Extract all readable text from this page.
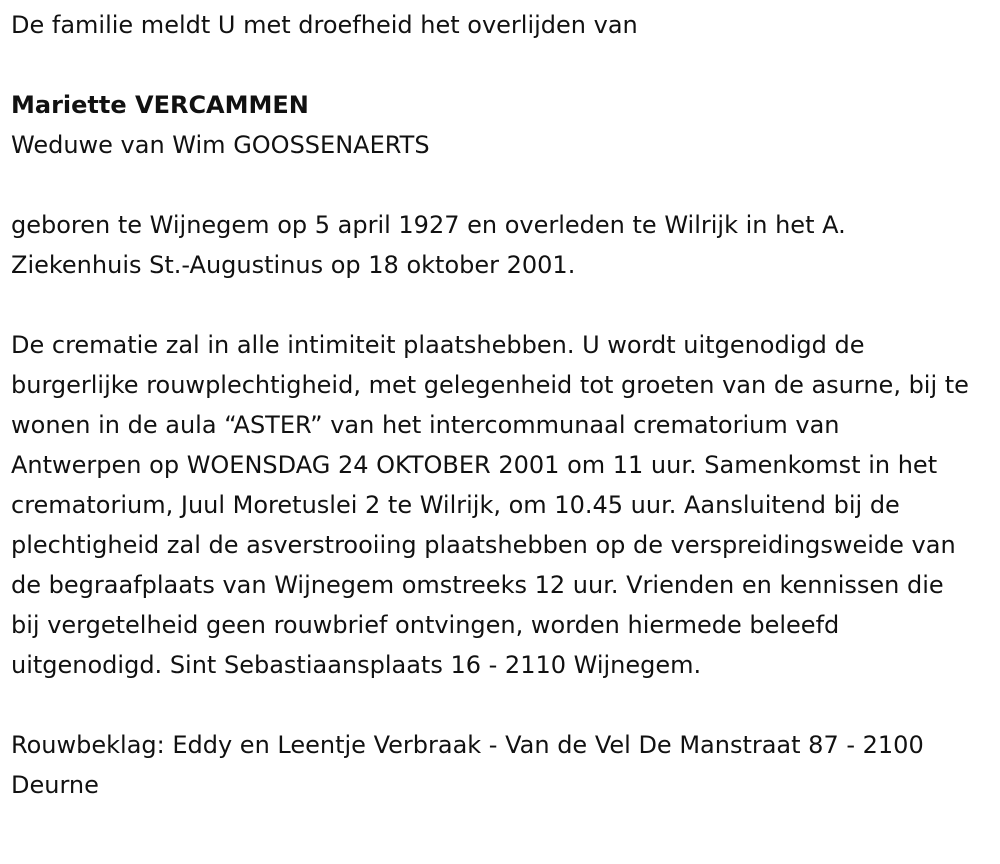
De familie meldt U met droefheid het overlijden van

Mariette VERCAMMEN

Weduwe van Wim GOOSSENAERTS

geboren te Wijnegem op 5 april 1927 en overleden te Wilrijk in het A. Ziekenhuis St.-Augustinus op 18 oktober 2001.

De crematie zal in alle intimiteit plaatshebben. U wordt uitgenodigd de burgerlijke rouwplechtigheid, met gelegenheid tot groeten van de asurne, bij te wonen in de aula “ASTER” van het intercommunaal crematorium van Antwerpen op WOENSDAG 24 OKTOBER 2001 om 11 uur. Samenkomst in het crematorium, Juul Moretuslei 2 te Wilrijk, om 10.45 uur. Aansluitend bij de plechtigheid zal de asverstrooiing plaatshebben op de verspreidingsweide van de begraafplaats van Wijnegem omstreeks 12 uur. Vrienden en kennissen die bij vergetelheid geen rouwbrief ontvingen, worden hiermede beleefd uitgenodigd. Sint Sebastiaansplaats 16 - 2110 Wijnegem.

Rouwbeklag: Eddy en Leentje Verbraak - Van de Vel De Manstraat 87 - 2100 Deurne
